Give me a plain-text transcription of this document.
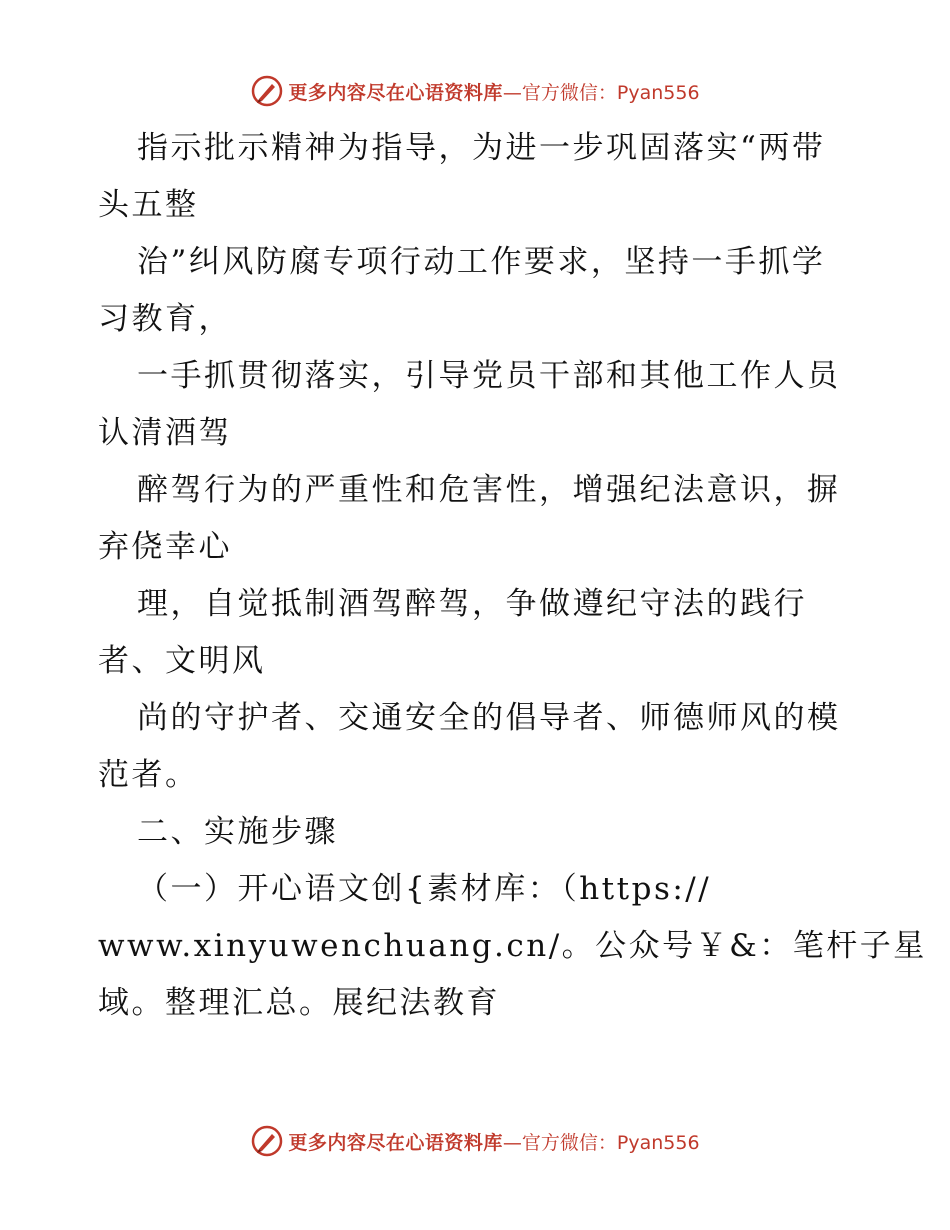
更多内容尽在心语资料库 —官方微信：Pyan556
指示批示精神为指导，为进一步巩固落实“两带
头五整
治”纠风防腐专项行动工作要求，坚持一手抓学
习教育，
一手抓贯彻落实，引导党员干部和其他工作人员
认清酒驾
醉驾行为的严重性和危害性，增强纪法意识，摒
弃侥幸心
理，自觉抵制酒驾醉驾，争做遵纪守法的践行
者、文明风
尚的守护者、交通安全的倡导者、师德师风的模
范者。
二、实施步骤
（一）开心语文创{素材库：（https://
www.xinyuwenchuang.cn/。公众号￥&：笔杆子星
域。整理汇总。展纪法教育
更多内容尽在心语资料库 —官方微信：Pyan556
